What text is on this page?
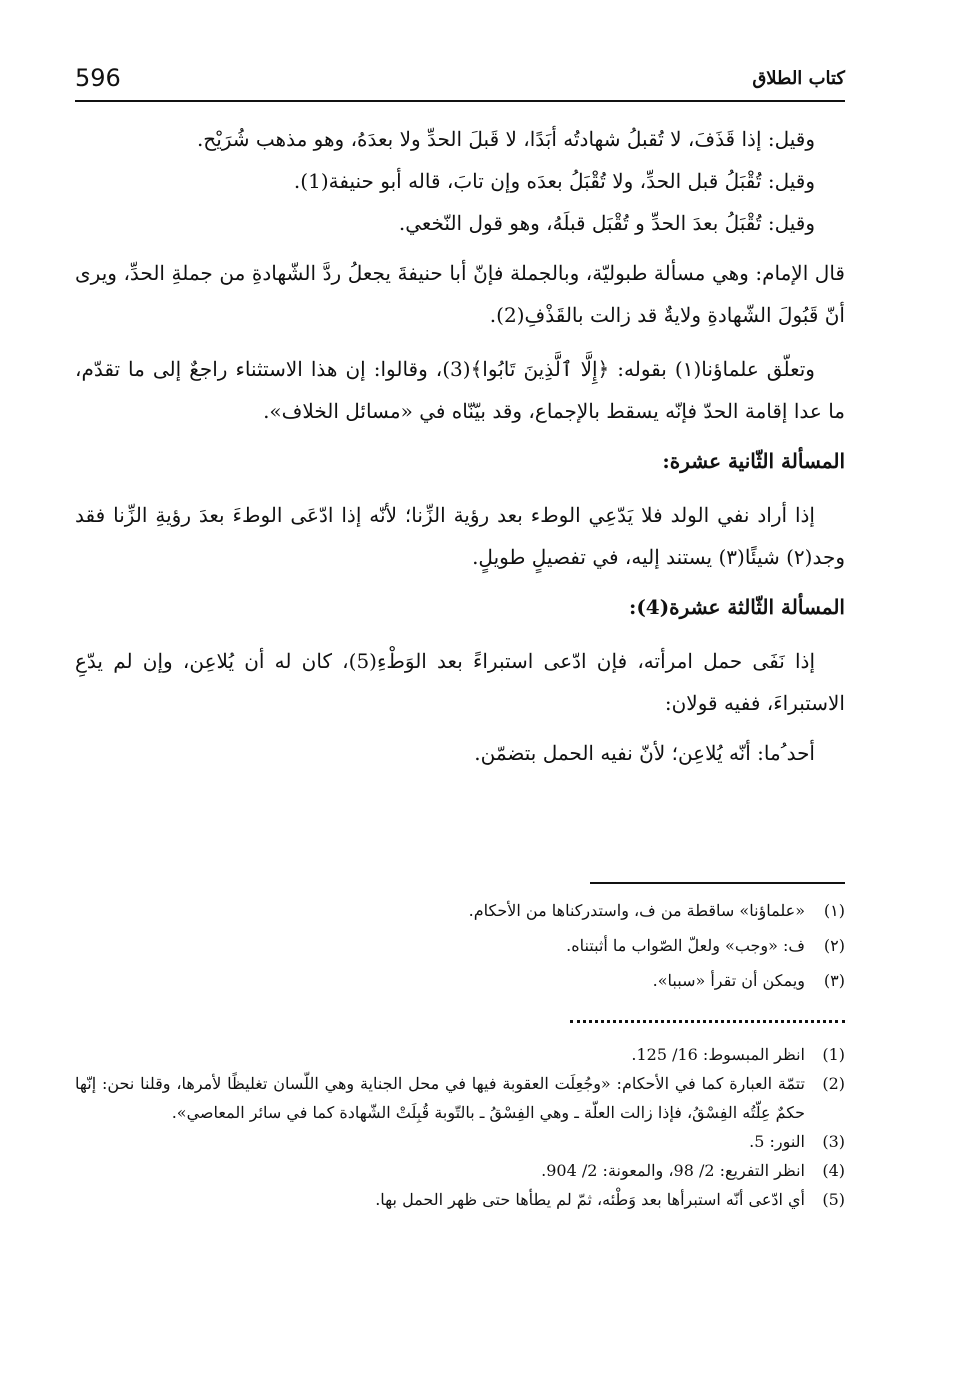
596	كتاب الطلاق

وقيل: إذا قَذَفَ، لا تُقبلُ شهادتُه أبَدًا، لا قَبلَ الحدِّ ولا بعدَهُ، وهو مذهب شُرَيْح.

وقيل: تُقْبَلُ قبل الحدِّ، ولا تُقْبَلُ بعدَه وإن تابَ، قاله أبو حنيفة(1).

وقيل: تُقْبَلُ بعدَ الحدِّ و تُقْبَل قبلَهُ، وهو قول النّخعي.

قال الإمام: وهي مسألة طبوليّة، وبالجملة فإنّ أبا حنيفةَ يجعلُ ردَّ الشّهادةِ من جملةِ الحدِّ، ويرى أنّ قَبُولَ الشّهادةِ ولايةٌ قد زالت بالقَذْفِ(2).

وتعلّق علماؤنا(١) بقوله: ﴿إِلَّا ٱلَّذِينَ تَابُوا﴾(3)، وقالوا: إن هذا الاستثناء راجعٌ إلى ما تقدّم، ما عدا إقامة الحدّ فإنّه يسقط بالإجماع، وقد بيّنّاه في «مسائل الخلاف».

المسألة الثّانية عشرة:

إذا أراد نفي الولد فلا يَدّعِي الوطء بعد رؤية الزِّنا؛ لأنّه إذا ادّعَى الوطءَ بعدَ رؤيةِ الزِّنا فقد وجد(٢) شيئًا(٣) يستند إليه، في تفصيلٍ طويلٍ.

المسألة الثّالثة عشرة(4):

إذا نَفَى حمل امرأته، فإن ادّعى استبراءً بعد الوَطْءِ(5)، كان له أن يُلاعِن، وإن لم يدّعِ الاستبراءَ، ففيه قولان:

أحد ُما: أنّه يُلاعِن؛ لأنّ نفيه الحمل بتضمّن.

(١)
«علماؤنا» ساقطة من ف، واستدركناها من الأحكام.
(٢)
ف: «وجب» ولعلّ الصّواب ما أثبتناه.
(٣)
ويمكن أن تقرأ «سببا».
(1)
انظر المبسوط: 16/ 125.
(2)
تتمّة العبارة كما في الأحكام: «وجُعِلَت العقوبة فيها في محل الجناية وهي اللّسان تغليظًا لأمرها، وقلنا نحن: إنّها حكمٌ عِلّتُه الفِسْقُ، فإذا زالت العلّة ـ وهي الفِسْقُ ـ بالتّوبة قُبِلَتْ الشّهادة كما في سائر المعاصي».
(3)
النور: 5.
(4)
انظر التفريع: 2/ 98، والمعونة: 2/ 904.
(5)
أي ادّعى أنّه استبرأها بعد وَطْئه، ثمّ لم يطأها حتى ظهر الحمل بها.
